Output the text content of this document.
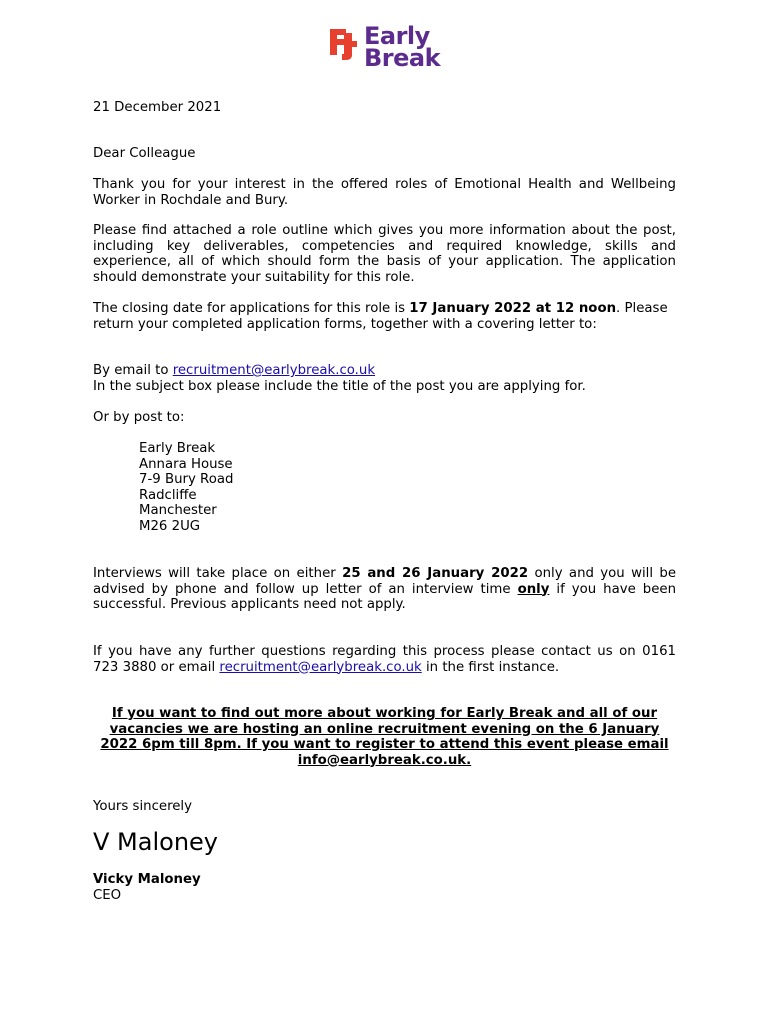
Early
Break
21 December 2021
Dear Colleague

Thank you for your interest in the offered roles of Emotional Health and Wellbeing Worker in Rochdale and Bury.

Please find attached a role outline which gives you more information about the post, including key deliverables, competencies and required knowledge, skills and experience, all of which should form the basis of your application. The application should demonstrate your suitability for this role.

The closing date for applications for this role is 17 January 2022 at 12 noon. Please return your completed application forms, together with a covering letter to:

By email to recruitment@earlybreak.co.uk
In the subject box please include the title of the post you are applying for.

Or by post to:
Early Break
Annara House
7-9 Bury Road
Radcliffe
Manchester
M26 2UG

Interviews will take place on either 25 and 26 January 2022 only and you will be advised by phone and follow up letter of an interview time only if you have been successful. Previous applicants need not apply.

If you have any further questions regarding this process please contact us on 0161 723 3880 or email recruitment@earlybreak.co.uk in the first instance.

If you want to find out more about working for Early Break and all of our vacancies we are hosting an online recruitment evening on the 6 January 2022 6pm till 8pm. If you want to register to attend this event please email info@earlybreak.co.uk.

Yours sincerely
V Maloney
Vicky Maloney
CEO
